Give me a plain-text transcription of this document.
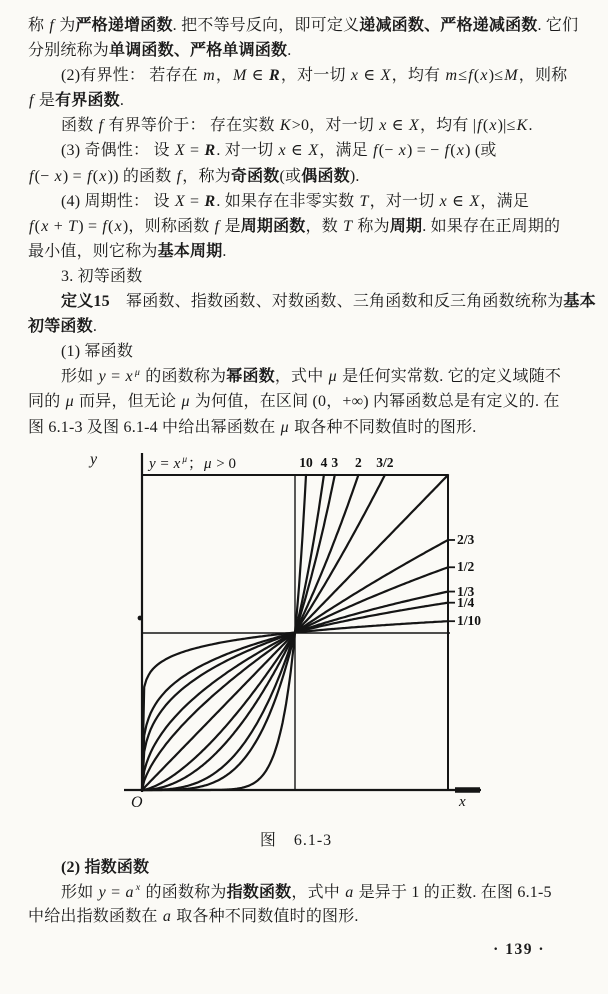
称 f 为严格递增函数. 把不等号反向，即可定义递减函数、严格递减函数. 它们
分别统称为单调函数、严格单调函数.
(2)有界性： 若存在 m，M ∈ R，对一切 x ∈ X，均有 m≤f(x)≤M，则称
f 是有界函数.
函数 f 有界等价于： 存在实数 K>0，对一切 x ∈ X，均有 |f(x)|≤K.
(3) 奇偶性： 设 X = R. 对一切 x ∈ X，满足 f(− x) = − f(x) (或
f(− x) = f(x)) 的函数 f，称为奇函数(或偶函数).
(4) 周期性： 设 X = R. 如果存在非零实数 T，对一切 x ∈ X，满足
f(x + T) = f(x)，则称函数 f 是周期函数，数 T 称为周期. 如果存在正周期的
最小值，则它称为基本周期.
3. 初等函数
定义15　幂函数、指数函数、对数函数、三角函数和反三角函数统称为基本
初等函数.
(1) 幂函数
形如 y = x $^\mu$ 的函数称为幂函数，式中 μ 是任何实常数. 它的定义域随不
同的 μ 而异，但无论 μ 为何值，在区间 (0，+∞) 内幂函数总是有定义的. 在
图 6.1-3 及图 6.1-4 中给出幂函数在 μ 取各种不同数值时的图形.
y
x
O
y = x $^\mu$；μ > 0	10 4 3 2 3/2
2/3
1/2
1/3
1/4
1/10
图　6.1-3
(2) 指数函数
形如 y = a $^x$ 的函数称为指数函数，式中 a 是异于 1 的正数. 在图 6.1-5
中给出指数函数在 a 取各种不同数值时的图形.
· 139 ·
